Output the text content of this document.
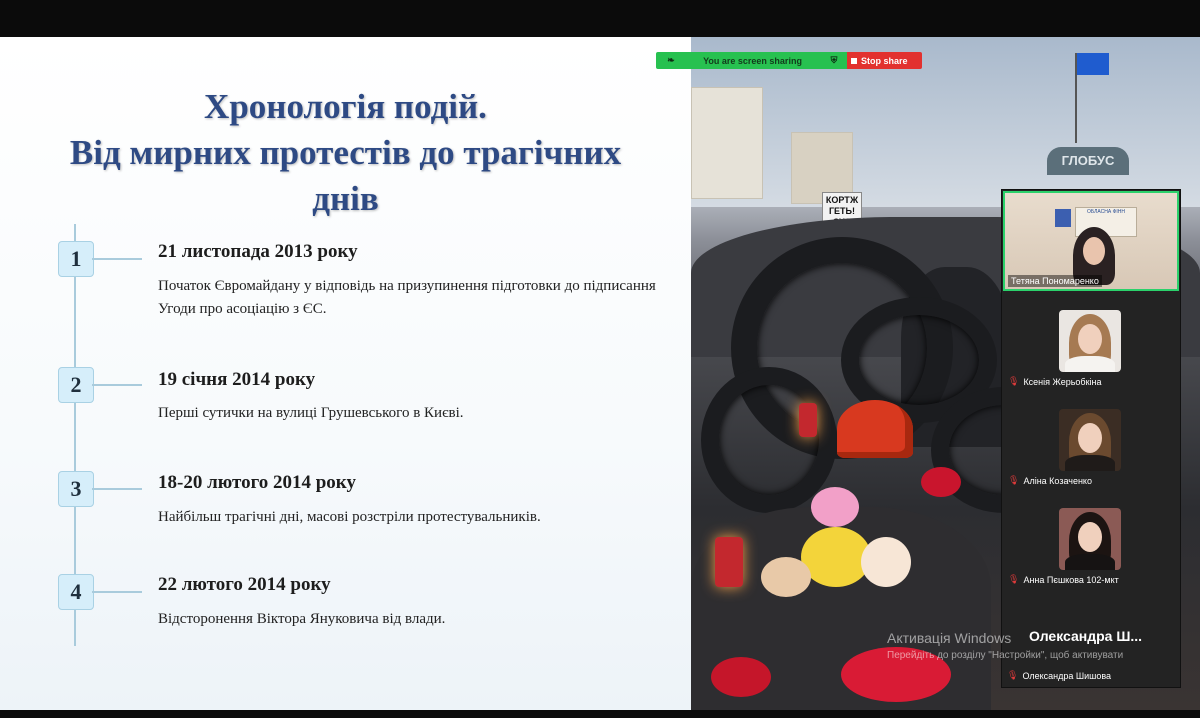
Хронологія подій.
Від мирних протестів до трагічних
днів
1	21 листопада 2013 року
Початок Євромайдану у відповідь на призупинення підготовки до підписання Угоди про асоціацію з ЄС.
2	19 січня 2014 року
Перші сутички на вулиці Грушевського в Києві.
3	18-20 лютого 2014 року
Найбільш трагічні дні, масові розстріли протестувальників.
4	22 лютого 2014 року
Відсторонення Віктора Януковича від влади.
ГЛОБУС
КОРТЖ ГЕТЬ!
❧	You are screen sharing	⛨	Stop share
ОБЛАСНА ФІНН
Тетяна Пономаренко
🎙 Ксенія Жерьобкіна
🎙 Аліна Козаченко
🎙 Анна Пєшкова 102-мкт
Олександра Ш...
🎙 Олександра Шишова
Активація Windows
Перейдіть до розділу "Настройки", щоб активувати
